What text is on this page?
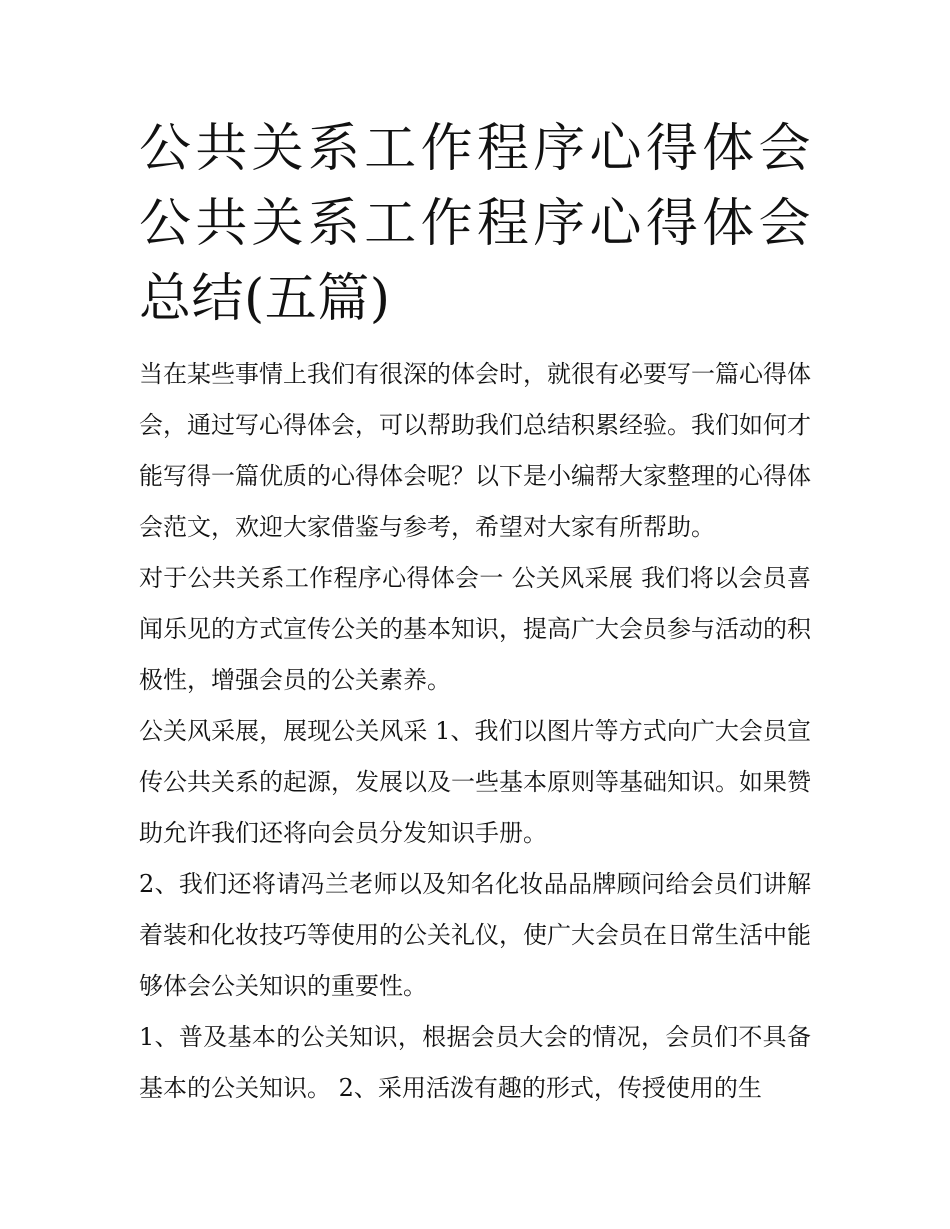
公共关系工作程序心得体会 公共关系工作程序心得体会总结(五篇)

当在某些事情上我们有很深的体会时，就很有必要写一篇心得体会，通过写心得体会，可以帮助我们总结积累经验。我们如何才能写得一篇优质的心得体会呢？以下是小编帮大家整理的心得体会范文，欢迎大家借鉴与参考，希望对大家有所帮助。

对于公共关系工作程序心得体会一 公关风采展 我们将以会员喜闻乐见的方式宣传公关的基本知识，提高广大会员参与活动的积极性，增强会员的公关素养。

公关风采展，展现公关风采 1、我们以图片等方式向广大会员宣传公共关系的起源，发展以及一些基本原则等基础知识。如果赞助允许我们还将向会员分发知识手册。

2、我们还将请冯兰老师以及知名化妆品品牌顾问给会员们讲解着装和化妆技巧等使用的公关礼仪，使广大会员在日常生活中能够体会公关知识的重要性。

1、普及基本的公关知识，根据会员大会的情况，会员们不具备基本的公关知识。 2、采用活泼有趣的形式，传授使用的生
